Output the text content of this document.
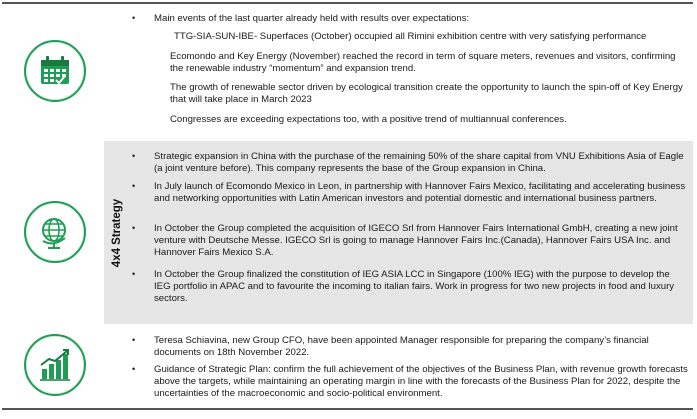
• Main events of the last quarter already held with results over expectations:
TTG-SIA-SUN-IBE- Superfaces (October) occupied all Rimini exhibition centre with very satisfying performance
Ecomondo and Key Energy (November) reached the record in term of square meters, revenues and visitors, confirming the renewable industry “momentum” and expansion trend.
The growth of renewable sector driven by ecological transition create the opportunity to launch the spin-off of Key Energy that will take place in March 2023
Congresses are exceeding expectations too, with a positive trend of multiannual conferences.
4x4 Strategy
• Strategic expansion in China with the purchase of the remaining 50% of the share capital from VNU Exhibitions Asia of Eagle (a joint venture before). This company represents the base of the Group expansion in China.
• In July launch of Ecomondo Mexico in Leon, in partnership with Hannover Fairs Mexico, facilitating and accelerating business and networking opportunities with Latin American investors and potential domestic and international business partners.
• In October the Group completed the acquisition of IGECO Srl from Hannover Fairs International GmbH, creating a new joint venture with Deutsche Messe. IGECO Srl is going to manage Hannover Fairs Inc.(Canada), Hannover Fairs USA Inc. and Hannover Fairs Mexico S.A.
• In October the Group finalized the constitution of IEG ASIA LCC in Singapore (100% IEG) with the purpose to develop the IEG portfolio in APAC and to favourite the incoming to italian fairs. Work in progress for two new projects in food and luxury sectors.
• Teresa Schiavina, new Group CFO, have been appointed Manager responsible for preparing the company’s financial documents on 18th November 2022.
• Guidance of Strategic Plan: confirm the full achievement of the objectives of the Business Plan, with revenue growth forecasts above the targets, while maintaining an operating margin in line with the forecasts of the Business Plan for 2022, despite the uncertainties of the macroeconomic and socio-political environment.
